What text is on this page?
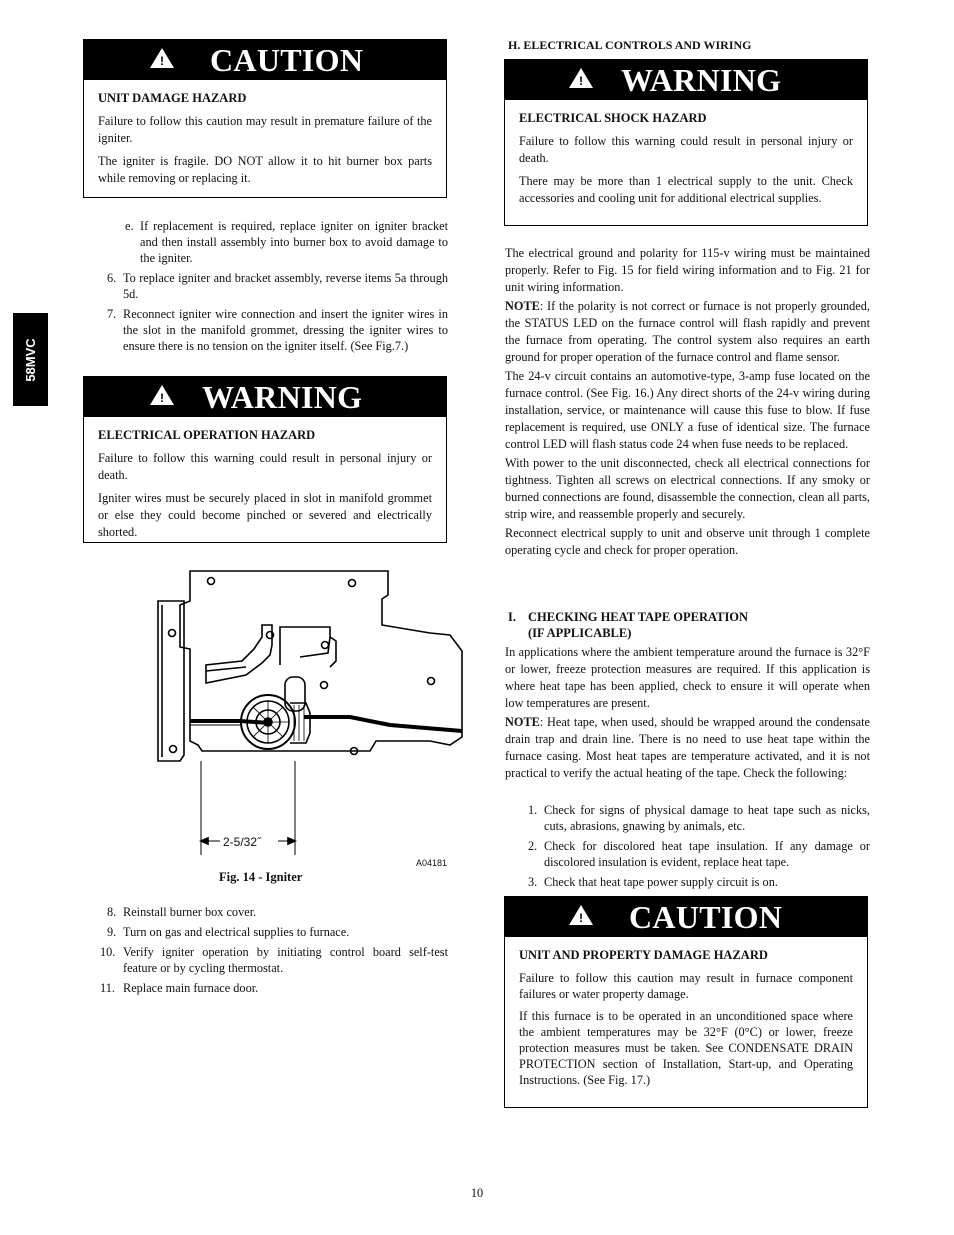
58MVC
! CAUTION
UNIT DAMAGE HAZARD

Failure to follow this caution may result in premature failure of the igniter.

The igniter is fragile. DO NOT allow it to hit burner box parts while removing or replacing it.

e. If replacement is required, replace igniter on igniter bracket and then install assembly into burner box to avoid damage to the igniter.
6. To replace igniter and bracket assembly, reverse items 5a through 5d.
7. Reconnect igniter wire connection and insert the igniter wires in the slot in the manifold grommet, dressing the igniter wires to ensure there is no tension on the igniter itself. (See Fig.7.)
! WARNING
ELECTRICAL OPERATION HAZARD

Failure to follow this warning could result in personal injury or death.

Igniter wires must be securely placed in slot in manifold grommet or else they could become pinched or severed and electrically shorted.

2-5/32˝
A04181
Fig. 14 - Igniter
8. Reinstall burner box cover.
9. Turn on gas and electrical supplies to furnace.
10. Verify igniter operation by initiating control board self-test feature or by cycling thermostat.
11. Replace main furnace door.
H. ELECTRICAL CONTROLS AND WIRING
! WARNING
ELECTRICAL SHOCK HAZARD

Failure to follow this warning could result in personal injury or death.

There may be more than 1 electrical supply to the unit. Check accessories and cooling unit for additional electrical supplies.

The electrical ground and polarity for 115-v wiring must be maintained properly. Refer to Fig. 15 for field wiring information and to Fig. 21 for unit wiring information.

NOTE: If the polarity is not correct or furnace is not properly grounded, the STATUS LED on the furnace control will flash rapidly and prevent the furnace from operating. The control system also requires an earth ground for proper operation of the furnace control and flame sensor.

The 24-v circuit contains an automotive-type, 3-amp fuse located on the furnace control. (See Fig. 16.) Any direct shorts of the 24-v wiring during installation, service, or maintenance will cause this fuse to blow. If fuse replacement is required, use ONLY a fuse of identical size. The furnace control LED will flash status code 24 when fuse needs to be replaced.

With power to the unit disconnected, check all electrical connections for tightness. Tighten all screws on electrical connections. If any smoky or burned connections are found, disassemble the connection, clean all parts, strip wire, and reassemble properly and securely.

Reconnect electrical supply to unit and observe unit through 1 complete operating cycle and check for proper operation.

I. CHECKING HEAT TAPE OPERATION
(IF APPLICABLE)

In applications where the ambient temperature around the furnace is 32°F or lower, freeze protection measures are required. If this application is where heat tape has been applied, check to ensure it will operate when low temperatures are present.

NOTE: Heat tape, when used, should be wrapped around the condensate drain trap and drain line. There is no need to use heat tape within the furnace casing. Most heat tapes are temperature activated, and it is not practical to verify the actual heating of the tape. Check the following:

1. Check for signs of physical damage to heat tape such as nicks, cuts, abrasions, gnawing by animals, etc.
2. Check for discolored heat tape insulation. If any damage or discolored insulation is evident, replace heat tape.
3. Check that heat tape power supply circuit is on.
! CAUTION
UNIT AND PROPERTY DAMAGE HAZARD

Failure to follow this caution may result in furnace component failures or water property damage.

If this furnace is to be operated in an unconditioned space where the ambient temperatures may be 32°F (0°C) or lower, freeze protection measures must be taken. See CONDENSATE DRAIN PROTECTION section of Installation, Start-up, and Operating Instructions. (See Fig. 17.)

10
